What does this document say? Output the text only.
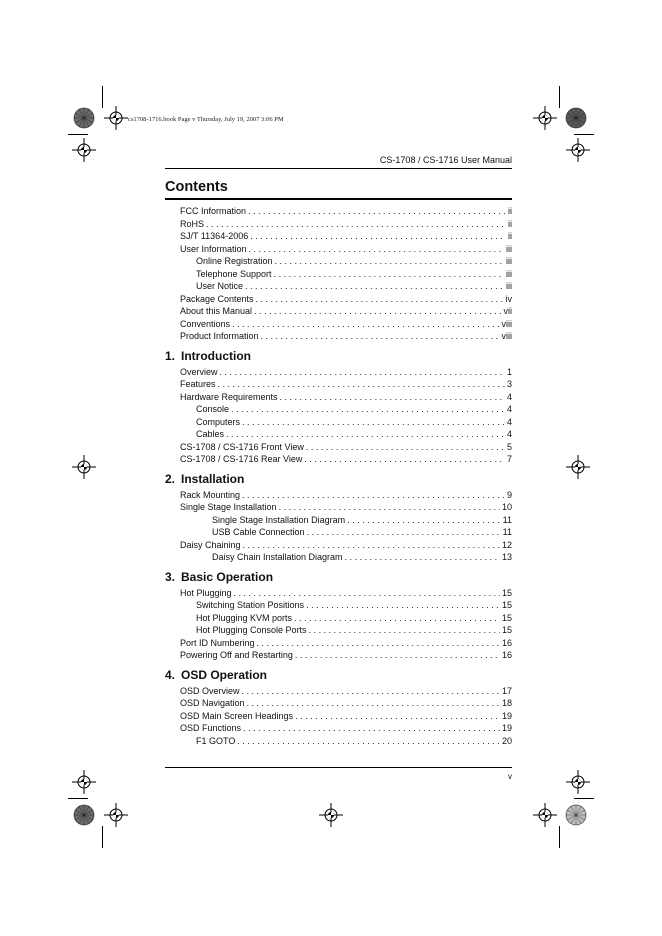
cs1708-1716.book Page v Thursday, July 19, 2007 3:06 PM
CS-1708 / CS-1716 User Manual
Contents
FCC Information . . .	ii
RoHS . . .	ii
SJ/T 11364-2006 . . .	ii
User Information . . .	iii
Online Registration . . .	iii
Telephone Support . . .	iii
User Notice . . .	iii
Package Contents . . .	iv
About this Manual . . .	vii
Conventions . . .	viii
Product Information . . .	viii
1. Introduction
Overview . . .	1
Features . . .	3
Hardware Requirements . . .	4
Console . . .	4
Computers . . .	4
Cables . . .	4
CS-1708 / CS-1716 Front View . . .	5
CS-1708 / CS-1716 Rear View . . .	7
2. Installation
Rack Mounting . . .	9
Single Stage Installation . . .	10
Single Stage Installation Diagram . . .	11
USB Cable Connection . . .	11
Daisy Chaining . . .	12
Daisy Chain Installation Diagram . . .	13
3. Basic Operation
Hot Plugging . . .	15
Switching Station Positions . . .	15
Hot Plugging KVM ports . . .	15
Hot Plugging Console Ports . . .	15
Port ID Numbering . . .	16
Powering Off and Restarting . . .	16
4. OSD Operation
OSD Overview . . .	17
OSD Navigation . . .	18
OSD Main Screen Headings . . .	19
OSD Functions . . .	19
F1 GOTO . . .	20
v
